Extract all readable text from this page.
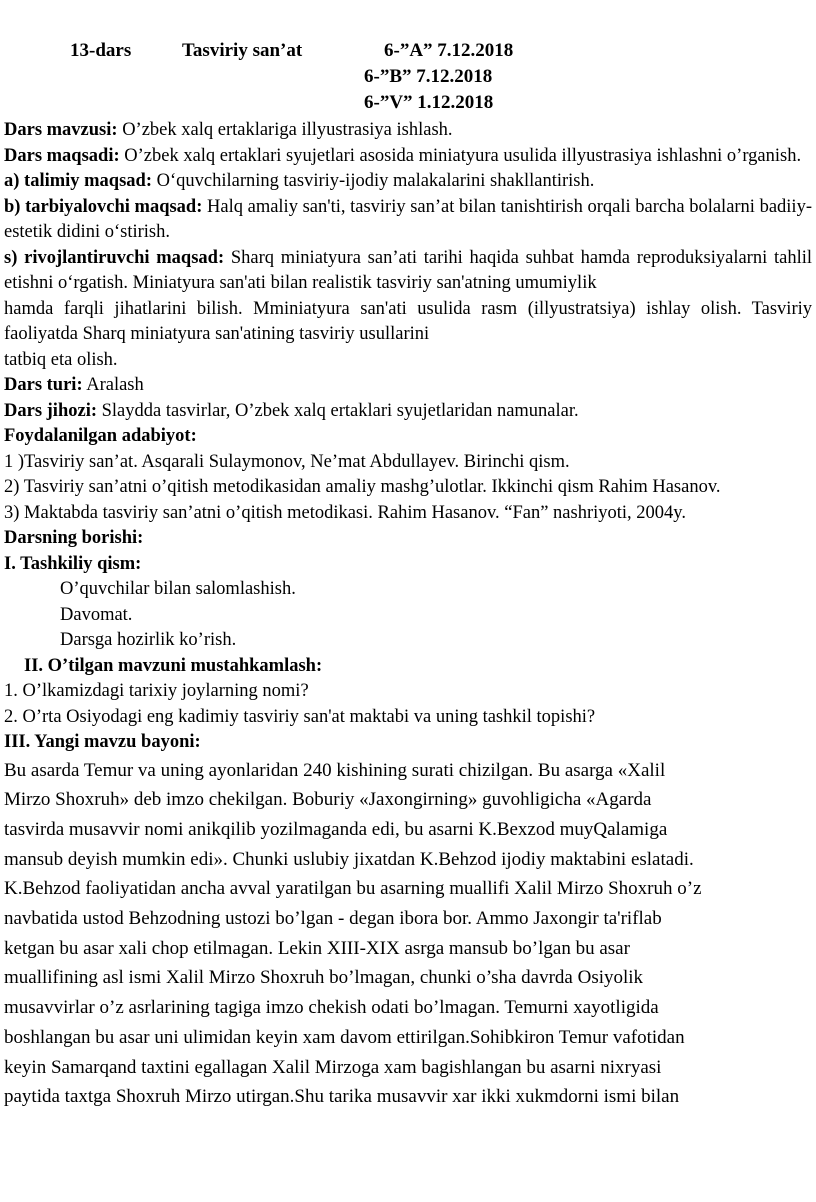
13-dars	Tasviriy san’at	6-”A” 7.12.2018
6-”B” 7.12.2018
6-”V” 1.12.2018

Dars mavzusi: O’zbek xalq ertaklariga illyustrasiya ishlash.

Dars maqsadi: O’zbek xalq ertaklari syujetlari asosida miniatyura usulida illyustrasiya ishlashni o’rganish.

a) talimiy maqsad: O‘quvchilarning tasviriy-ijodiy malakalarini shakllantirish.

b) tarbiyalovchi maqsad: Halq amaliy san'ti, tasviriy san’at bilan tanishtirish orqali barcha bolalarni badiiy-estetik didini o‘stirish.

s) rivojlantiruvchi maqsad: Sharq miniatyura san’ati tarihi haqida suhbat hamda reproduksiyalarni tahlil etishni o‘rgatish. Miniatyura san'ati bilan realistik tasviriy san'atning umumiylik

hamda farqli jihatlarini bilish. Mminiatyura san'ati usulida rasm (illyustratsiya) ishlay olish. Tasviriy faoliyatda Sharq miniatyura san'atining tasviriy usullarini

tatbiq eta olish.

Dars turi: Aralash

Dars jihozi: Slaydda tasvirlar, O’zbek xalq ertaklari syujetlaridan namunalar.

Foydalanilgan adabiyot:

1 )Tasviriy san’at. Asqarali Sulaymonov, Ne’mat Abdullayev. Birinchi qism.

2) Tasviriy san’atni o’qitish metodikasidan amaliy mashg’ulotlar. Ikkinchi qism Rahim Hasanov.

3) Maktabda tasviriy san’atni o’qitish metodikasi. Rahim Hasanov. “Fan” nashriyoti, 2004y.

Darsning borishi:

I. Tashkiliy qism:

O’quvchilar bilan salomlashish.

Davomat.

Darsga hozirlik ko’rish.

II. O’tilgan mavzuni mustahkamlash:

1. O’lkamizdagi tarixiy joylarning nomi?

2. O’rta Osiyodagi eng kadimiy tasviriy san'at maktabi va uning tashkil topishi?

III. Yangi mavzu bayoni:

Bu asarda Temur va uning ayonlaridan 240 kishining surati chizilgan. Bu asarga «Xalil

Mirzo Shoxruh» deb imzo chekilgan. Boburiy «Jaxongirning» guvohligicha «Agarda

tasvirda musavvir nomi anikqilib yozilmaganda edi, bu asarni K.Bexzod muyQalamiga

mansub deyish mumkin edi». Chunki uslubiy jixatdan K.Behzod ijodiy maktabini eslatadi.

K.Behzod faoliyatidan ancha avval yaratilgan bu asarning muallifi Xalil Mirzo Shoxruh o’z

navbatida ustod Behzodning ustozi bo’lgan - degan ibora bor. Ammo Jaxongir ta'riflab

ketgan bu asar xali chop etilmagan. Lekin XIII-XIX asrga mansub bo’lgan bu asar

muallifining asl ismi Xalil Mirzo Shoxruh bo’lmagan, chunki o’sha davrda Osiyolik

musavvirlar o’z asrlarining tagiga imzo chekish odati bo’lmagan. Temurni xayotligida

boshlangan bu asar uni ulimidan keyin xam davom ettirilgan.Sohibkiron Temur vafotidan

keyin Samarqand taxtini egallagan Xalil Mirzoga xam bagishlangan bu asarni nixryasi

paytida taxtga Shoxruh Mirzo utirgan.Shu tarika musavvir xar ikki xukmdorni ismi bilan
